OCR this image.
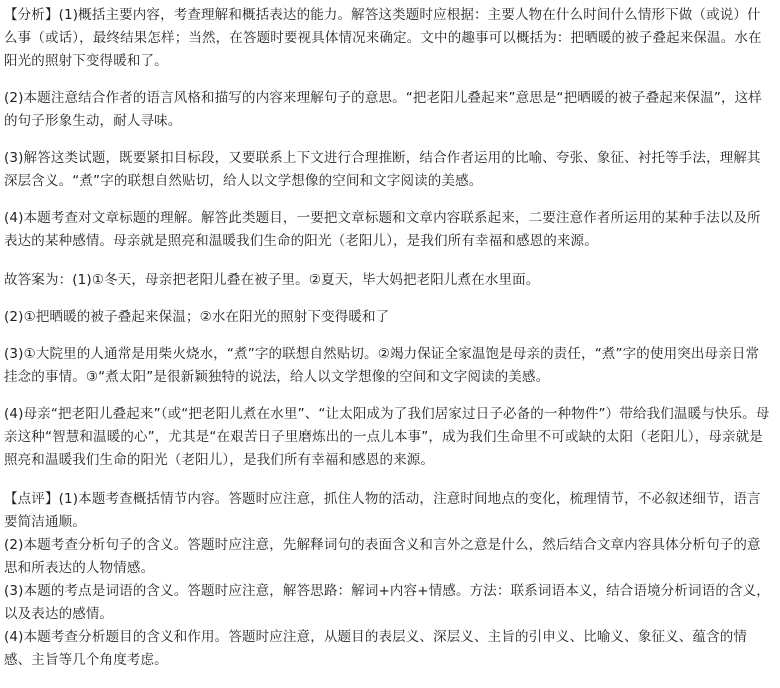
【分析】(1)概括主要内容，考查理解和概括表达的能力。解答这类题时应根据：主要人物在什么时间什么情形下做（或说）什么事（或话），最终结果怎样；当然，在答题时要视具体情况来确定。文中的趣事可以概括为：把晒暖的被子叠起来保温。水在阳光的照射下变得暖和了。

(2)本题注意结合作者的语言风格和描写的内容来理解句子的意思。“把老阳儿叠起来”意思是“把晒暖的被子叠起来保温”，这样的句子形象生动，耐人寻味。

(3)解答这类试题，既要紧扣目标段，又要联系上下文进行合理推断，结合作者运用的比喻、夸张、象征、衬托等手法，理解其深层含义。“煮”字的联想自然贴切，给人以文学想像的空间和文字阅读的美感。

(4)本题考查对文章标题的理解。解答此类题目，一要把文章标题和文章内容联系起来，二要注意作者所运用的某种手法以及所表达的某种感情。母亲就是照亮和温暖我们生命的阳光（老阳儿），是我们所有幸福和感恩的来源。

故答案为：(1)①冬天，母亲把老阳儿叠在被子里。②夏天，毕大妈把老阳儿煮在水里面。

(2)①把晒暖的被子叠起来保温；②水在阳光的照射下变得暖和了

(3)①大院里的人通常是用柴火烧水，“煮”字的联想自然贴切。②竭力保证全家温饱是母亲的责任，“煮”字的使用突出母亲日常挂念的事情。③“煮太阳”是很新颖独特的说法，给人以文学想像的空间和文字阅读的美感。

(4)母亲“把老阳儿叠起来”（或“把老阳儿煮在水里”、“让太阳成为了我们居家过日子必备的一种物件”）带给我们温暖与快乐。母亲这种“智慧和温暖的心”，尤其是“在艰苦日子里磨炼出的一点儿本事”，成为我们生命里不可或缺的太阳（老阳儿），母亲就是照亮和温暖我们生命的阳光（老阳儿），是我们所有幸福和感恩的来源。

【点评】(1)本题考查概括情节内容。答题时应注意，抓住人物的活动，注意时间地点的变化，梳理情节，不必叙述细节，语言要简洁通顺。

(2)本题考查分析句子的含义。答题时应注意，先解释词句的表面含义和言外之意是什么，然后结合文章内容具体分析句子的意思和所表达的人物情感。

(3)本题的考点是词语的含义。答题时应注意，解答思路：解词+内容+情感。方法：联系词语本义，结合语境分析词语的含义，以及表达的感情。

(4)本题考查分析题目的含义和作用。答题时应注意，从题目的表层义、深层义、主旨的引申义、比喻义、象征义、蕴含的情感、主旨等几个角度考虑。
